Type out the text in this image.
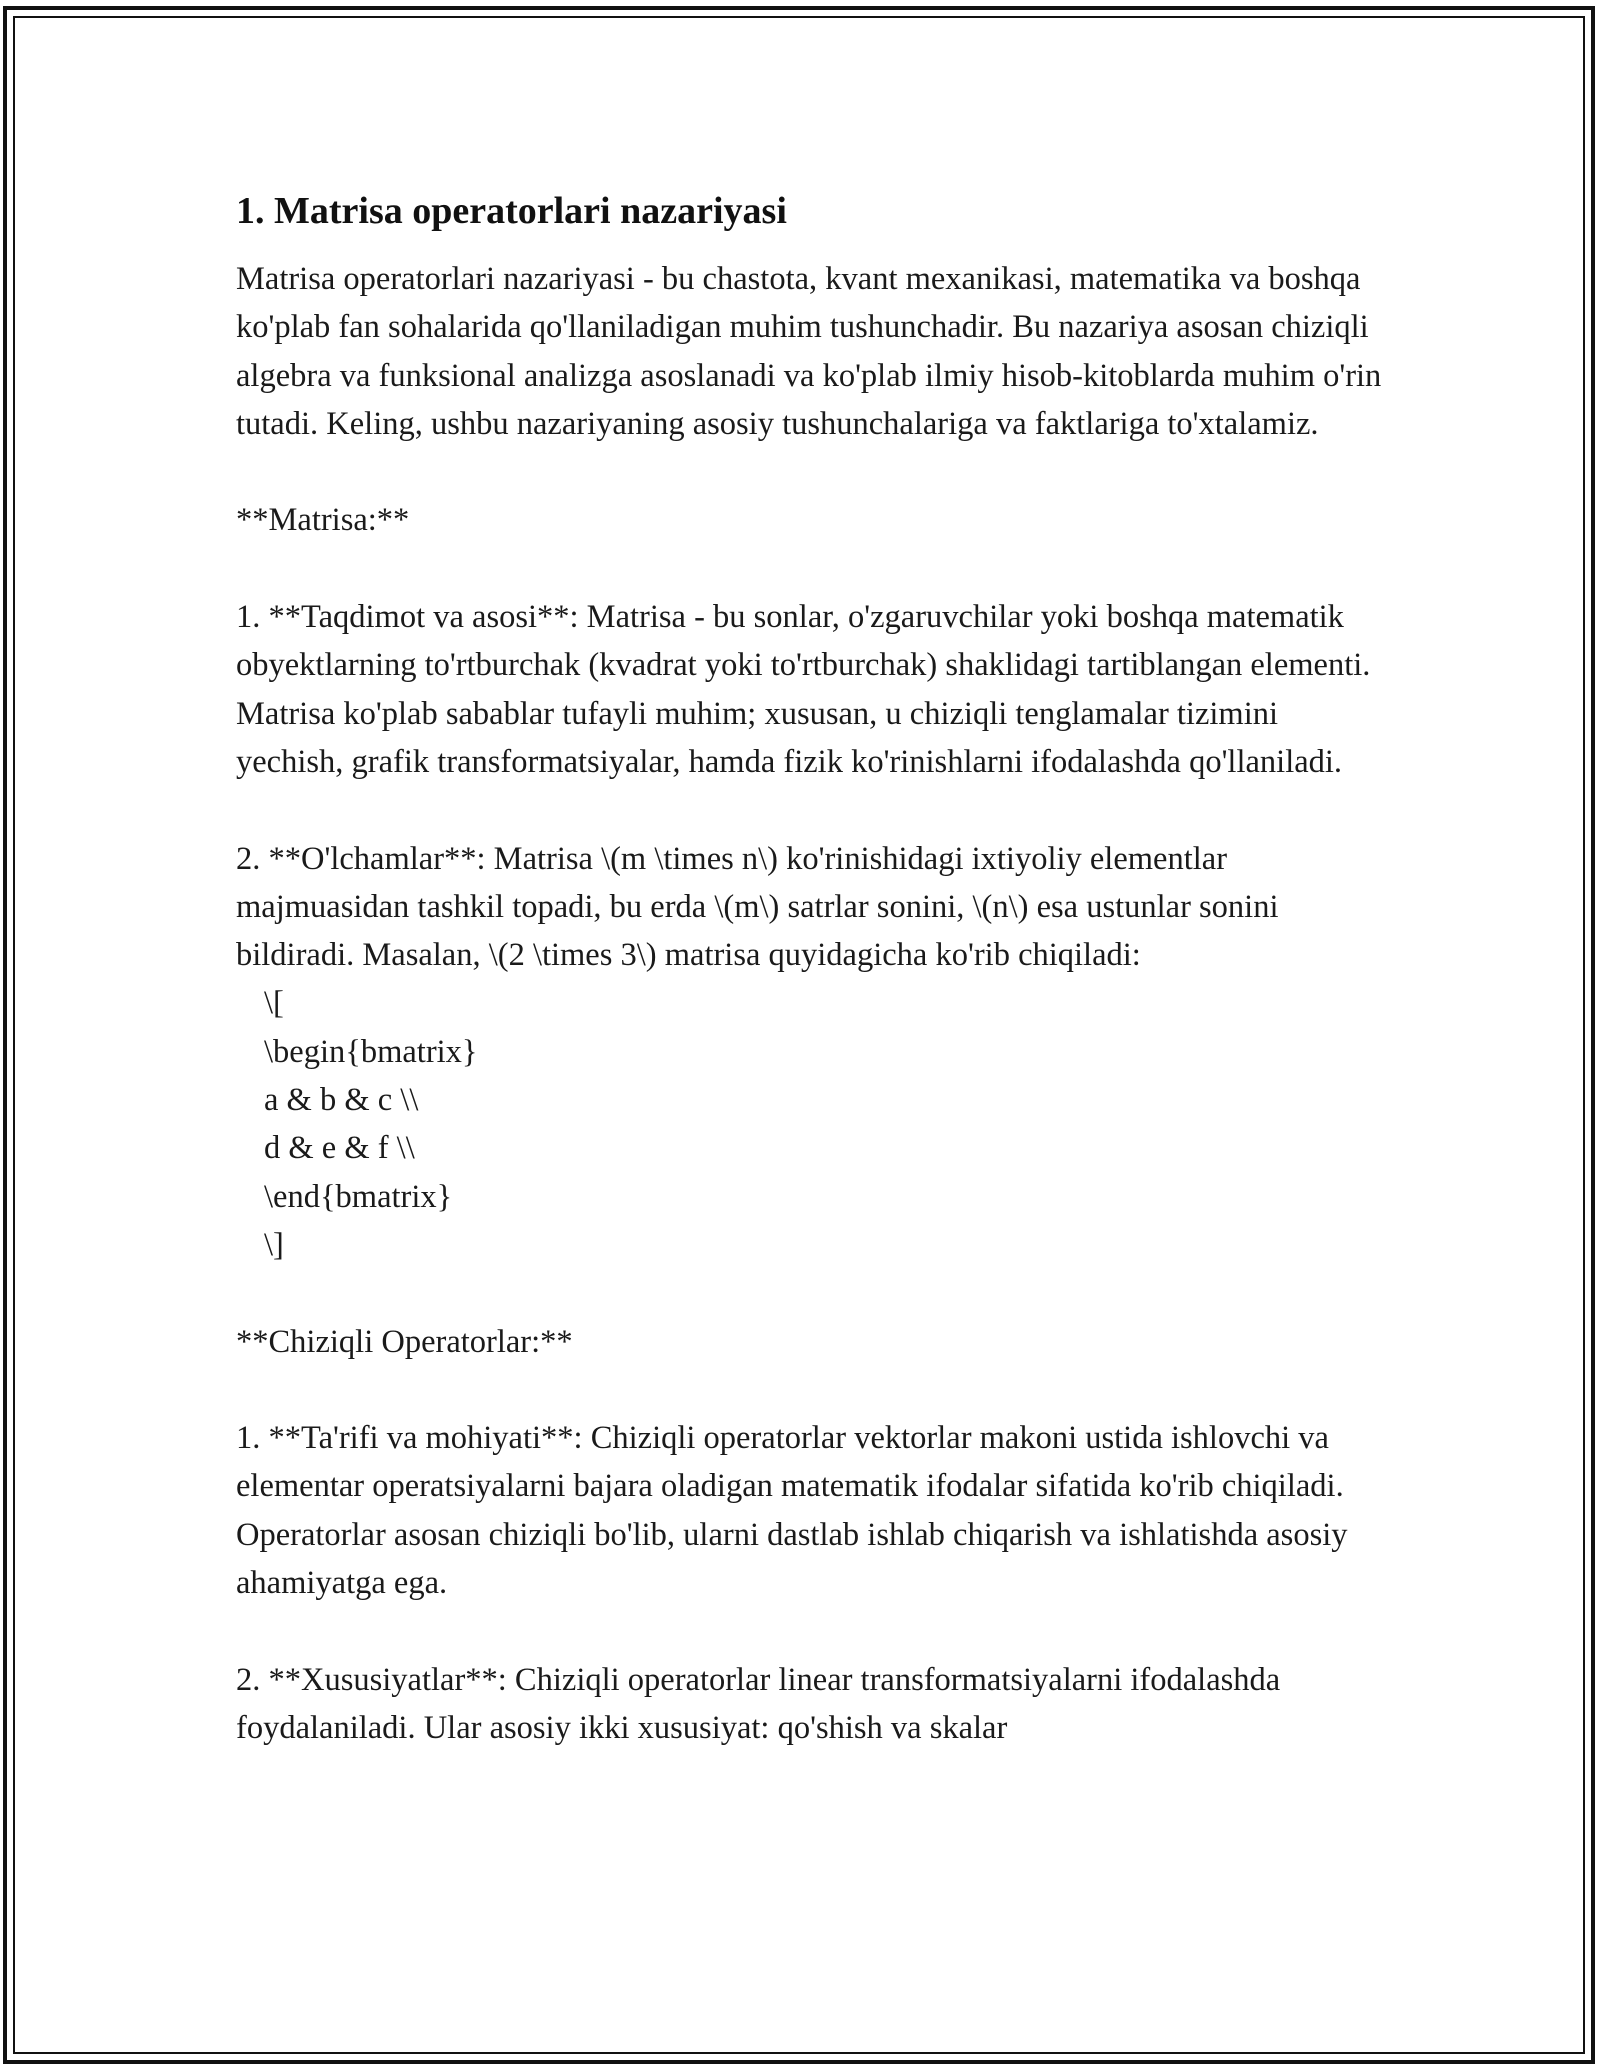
1. Matrisa operatorlari nazariyasi

Matrisa operatorlari nazariyasi - bu chastota, kvant mexanikasi, matematika va boshqa ko'plab fan sohalarida qo'llaniladigan muhim tushunchadir. Bu nazariya asosan chiziqli algebra va funksional analizga asoslanadi va ko'plab ilmiy hisob-kitoblarda muhim o'rin tutadi. Keling, ushbu nazariyaning asosiy tushunchalariga va faktlariga to'xtalamiz.

**Matrisa:**

1. **Taqdimot va asosi**: Matrisa - bu sonlar, o'zgaruvchilar yoki boshqa matematik obyektlarning to'rtburchak (kvadrat yoki to'rtburchak) shaklidagi tartiblangan elementi. Matrisa ko'plab sabablar tufayli muhim; xususan, u chiziqli tenglamalar tizimini yechish, grafik transformatsiyalar, hamda fizik ko'rinishlarni ifodalashda qo'llaniladi.

2. **O'lchamlar**: Matrisa \(m \times n\) ko'rinishidagi ixtiyoliy elementlar majmuasidan tashkil topadi, bu erda \(m\) satrlar sonini, \(n\) esa ustunlar sonini bildiradi. Masalan, \(2 \times 3\) matrisa quyidagicha ko'rib chiqiladi:

\[

\begin{bmatrix}

a & b & c \\

d & e & f \\

\end{bmatrix}

\]

**Chiziqli Operatorlar:**

1. **Ta'rifi va mohiyati**: Chiziqli operatorlar vektorlar makoni ustida ishlovchi va elementar operatsiyalarni bajara oladigan matematik ifodalar sifatida ko'rib chiqiladi. Operatorlar asosan chiziqli bo'lib, ularni dastlab ishlab chiqarish va ishlatishda asosiy ahamiyatga ega.

2. **Xususiyatlar**: Chiziqli operatorlar linear transformatsiyalarni ifodalashda foydalaniladi. Ular asosiy ikki xususiyat: qo'shish va skalar
